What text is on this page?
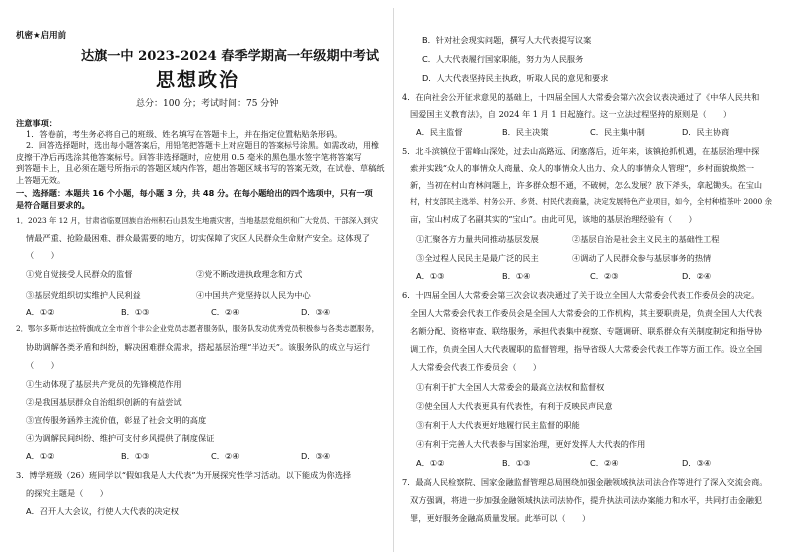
机密★启用前
达旗一中 2023-2024 春季学期高一年级期中考试
思想政治
总分：100 分；考试时间：75 分钟
注意事项：
1．答卷前，考生务必将自己的班级、姓名填写在答题卡上，并在指定位置粘贴条形码。
2．回答选择题时，选出每小题答案后，用铅笔把答题卡上对应题目的答案标号涂黑。如需改动，用橡
皮擦干净后再选涂其他答案标号。回答非选择题时，应使用 0.5 毫米的黑色墨水签字笔将答案写
到答题卡上，且必须在题号所指示的答题区域内作答，超出答题区域书写的答案无效，在试卷、草稿纸
上答题无效。
一、选择题：本题共 16 个小题，每小题 3 分，共 48 分。在每小题给出的四个选项中，只有一项
是符合题目要求的。
1．2023 年 12 月，甘肃省临夏回族自治州积石山县发生地震灾害，当地基层党组织和广大党员、干部深入到灾
情最严重、抢险最困难、群众最需要的地方，切实保障了灾区人民群众生命财产安全。这体现了
（　　）
①党自觉接受人民群众的监督	②党不断改进执政理念和方式
③基层党组织切实维护人民利益	④中国共产党坚持以人民为中心
A．①②	B．①③	C．②④	D．③④
2．鄂尔多斯市达拉特旗成立全市首个非公企业党员志愿者服务队，服务队发动优秀党员积极参与各类志愿服务，
协助调解各类矛盾和纠纷，解决困难群众需求，搭起基层治理“半边天”。该服务队的成立与运行
（　　）
①生动体现了基层共产党员的先锋模范作用
②是我国基层群众自治组织创新的有益尝试
③宣传服务涵养主流价值，彰显了社会文明的高度
④为调解民间纠纷、维护可支付乡风提供了制度保证
A．①②	B．①③	C．②④	D．③④
3．博学班级（26）班同学以“假如我是人大代表”为开展探究性学习活动。以下能成为你选择
的探究主题是（　　）
A．召开人大会议，行使人大代表的决定权
B．针对社会现实问题，撰写人大代表提写议案
C．人大代表履行国家职能，努力为人民服务
D．人大代表坚持民主执政，听取人民的意见和要求
4．在向社会公开征求意见的基础上，十四届全国人大常委会第六次会议表决通过了《中华人民共和
国爱国主义教育法》，自 2024 年 1 月 1 日起施行。这一立法过程坚持的原则是（　　）
A．民主监督	B．民主决策	C．民主集中制	D．民主协商
5．北斗滨镇位于雷峰山深处，过去山高路远、闭塞落后，近年来，该镇抢抓机遇，在基层治理中探
索并实践“众人的事情众人商量、众人的事情众人出力、众人的事情众人管理”，乡村面貌焕然一
新，当初在村山育林问题上，许多群众想不通，不破树，怎么发展？放下斧头，拿起锄头。在宝山
村，村支部民主选举、村务公开、乡贤、村民代表商量，决定发展特色产业项目，如今，全村种植茶叶 2000 余
亩，宝山村成了名副其实的“宝山”。由此可见，该地的基层治理经验有（　　）
①汇聚各方力量共同推动基层发展	②基层自治是社会主义民主的基础性工程
③全过程人民民主是最广泛的民主	④调动了人民群众参与基层事务的热情
A．①③	B．①④	C．②③	D．②④
6．十四届全国人大常委会第三次会议表决通过了关于设立全国人大常委会代表工作委员会的决定。
全国人大常委会代表工作委员会是全国人大常委会的工作机构，其主要职责是，负责全国人大代表
名额分配、资格审查、联络服务，承担代表集中视察、专题调研、联系群众有关制度制定和指导协
调工作，负责全国人大代表履职的监督管理，指导省级人大常委会代表工作等方面工作。设立全国
人大常委会代表工作委员会（　　）
①有利于扩大全国人大常委会的最高立法权和监督权
②使全国人大代表更具有代表性，有利于反映民声民意
③有利于人大代表更好地履行民主监督的职能
④有利于完善人大代表参与国家治理，更好发挥人大代表的作用
A．①②	B．①③	C．②④	D．③④
7．最高人民检察院、国家金融监督管理总局围绕加强金融领域执法司法合作等进行了深入交流会商。
双方强调，将进一步加强金融领域执法司法协作，提升执法司法办案能力和水平，共同打击金融犯
罪，更好服务金融高质量发展。此举可以（　　）
